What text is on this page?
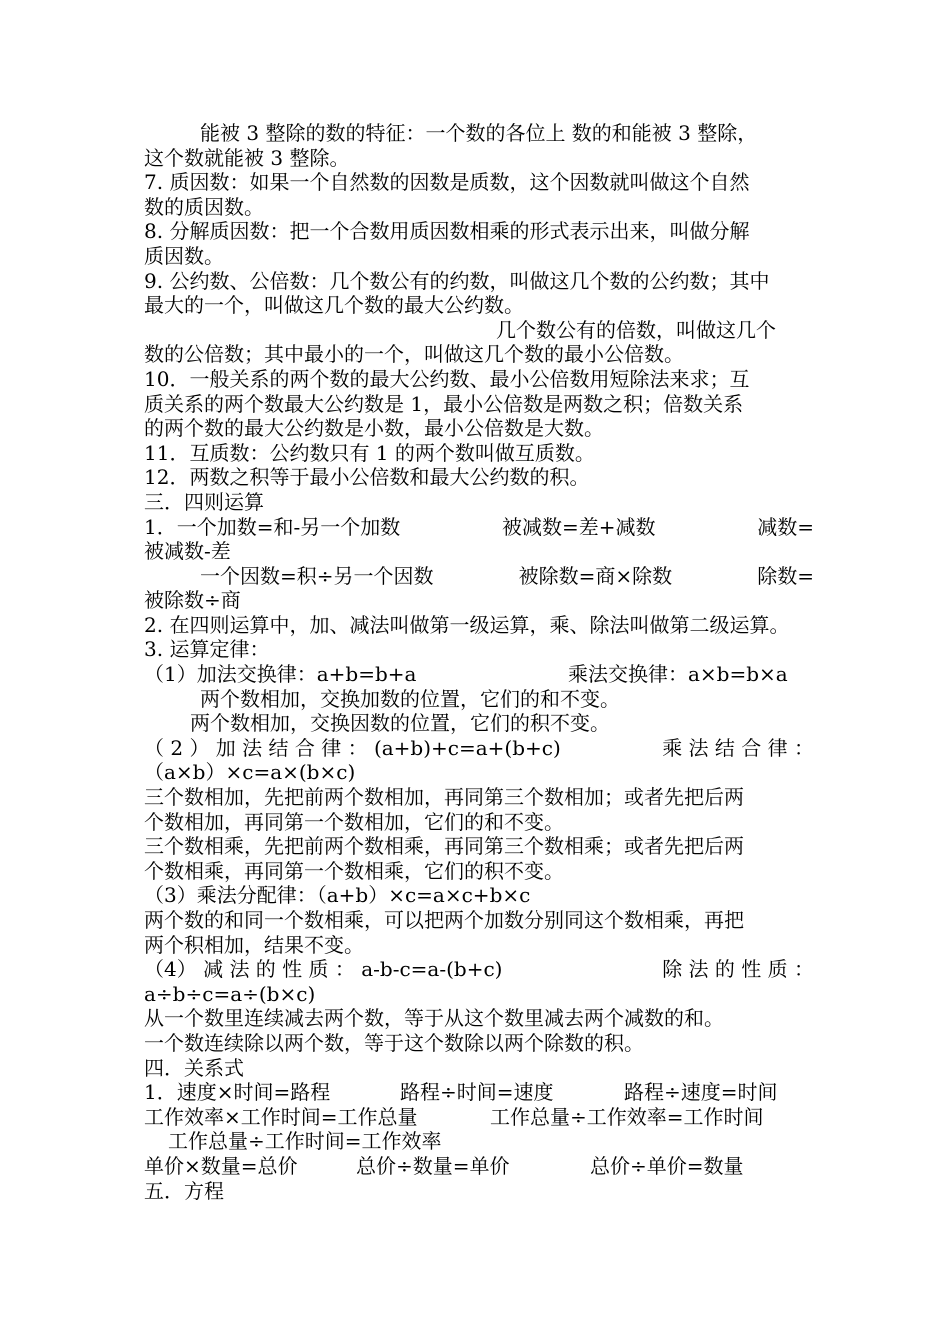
能被 3 整除的数的特征：一个数的各位上 数的和能被 3 整除，
这个数就能被 3 整除。
7. 质因数：如果一个自然数的因数是质数，这个因数就叫做这个自然
数的质因数。
8. 分解质因数：把一个合数用质因数相乘的形式表示出来，叫做分解
质因数。
9. 公约数、公倍数：几个数公有的约数，叫做这几个数的公约数；其中
最大的一个，叫做这几个数的最大公约数。
几个数公有的倍数，叫做这几个
数的公倍数；其中最小的一个，叫做这几个数的最小公倍数。
10．一般关系的两个数的最大公约数、最小公倍数用短除法来求；互
质关系的两个数最大公约数是 1，最小公倍数是两数之积；倍数关系
的两个数的最大公约数是小数，最小公倍数是大数。
11．互质数：公约数只有 1 的两个数叫做互质数。
12．两数之积等于最小公倍数和最大公约数的积。
三．四则运算
1．一个加数=和-另一个加数	被减数=差+减数	减数=
被减数-差
一个因数=积÷另一个因数	被除数=商×除数	除数=
被除数÷商
2. 在四则运算中，加、减法叫做第一级运算，乘、除法叫做第二级运算。
3. 运算定律：
（1）加法交换律：a+b=b+a	乘法交换律：a×b=b×a
两个数相加，交换加数的位置，它们的和不变。
两个数相加，交换因数的位置，它们的积不变。
（ 2 ） 加 法 结 合 律 ： (a+b)+c=a+(b+c)	乘 法 结 合 律 ：
（a×b）×c=a×(b×c)
三个数相加，先把前两个数相加，再同第三个数相加；或者先把后两
个数相加，再同第一个数相加，它们的和不变。
三个数相乘，先把前两个数相乘，再同第三个数相乘；或者先把后两
个数相乘，再同第一个数相乘，它们的积不变。
（3）乘法分配律：（a+b）×c=a×c+b×c
两个数的和同一个数相乘，可以把两个加数分别同这个数相乘，再把
两个积相加，结果不变。
（4） 减 法 的 性 质 ： a-b-c=a-(b+c)	除 法 的 性 质 ：
a÷b÷c=a÷(b×c)
从一个数里连续减去两个数，等于从这个数里减去两个减数的和。
一个数连续除以两个数，等于这个数除以两个除数的积。
四．关系式
1．速度×时间=路程	路程÷时间=速度	路程÷速度=时间
工作效率×工作时间=工作总量	工作总量÷工作效率=工作时间
工作总量÷工作时间=工作效率
单价×数量=总价	总价÷数量=单价	总价÷单价=数量
五．方程
